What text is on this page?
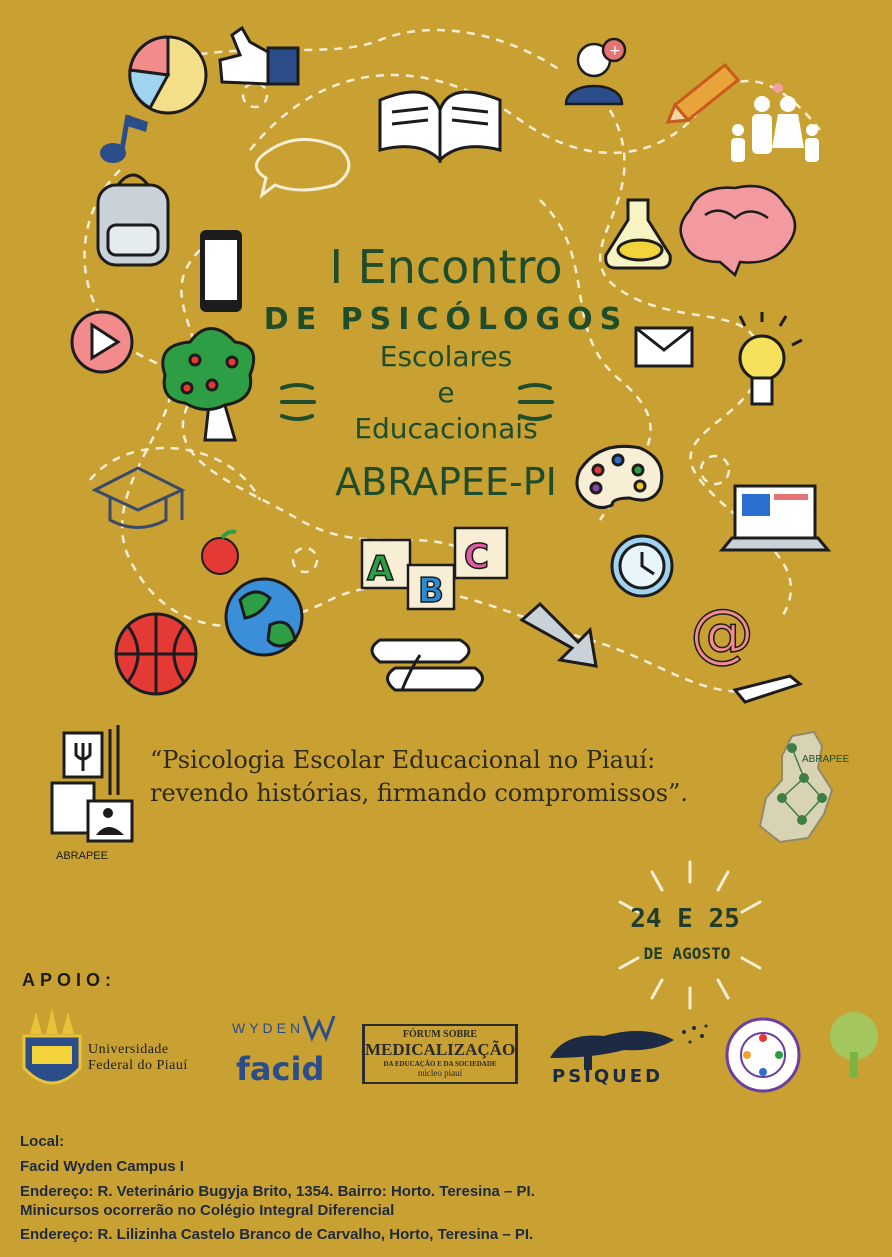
+
A C
B
@
I Encontro
DE PSICÓLOGOS
Escolares
e
Educacionais
ABRAPEE-PI
ABRAPEE
“Psicologia Escolar Educacional no Piauí:
revendo histórias, firmando compromissos”.
ABRAPEE
24 E 25
DE AGOSTO
APOIO:
Universidade
Federal do Piauí
WYDEN
facid
FÓRUM SOBRE
MEDICALIZAÇÃO
DA EDUCAÇÃO E DA SOCIEDADE
núcleo piauí	PSIQUED
Local:
Facid Wyden Campus I
Endereço: R. Veterinário Bugyja Brito, 1354. Bairro: Horto. Teresina – PI.
Minicursos ocorrerão no Colégio Integral Diferencial
Endereço: R. Lilizinha Castelo Branco de Carvalho, Horto, Teresina – PI.
